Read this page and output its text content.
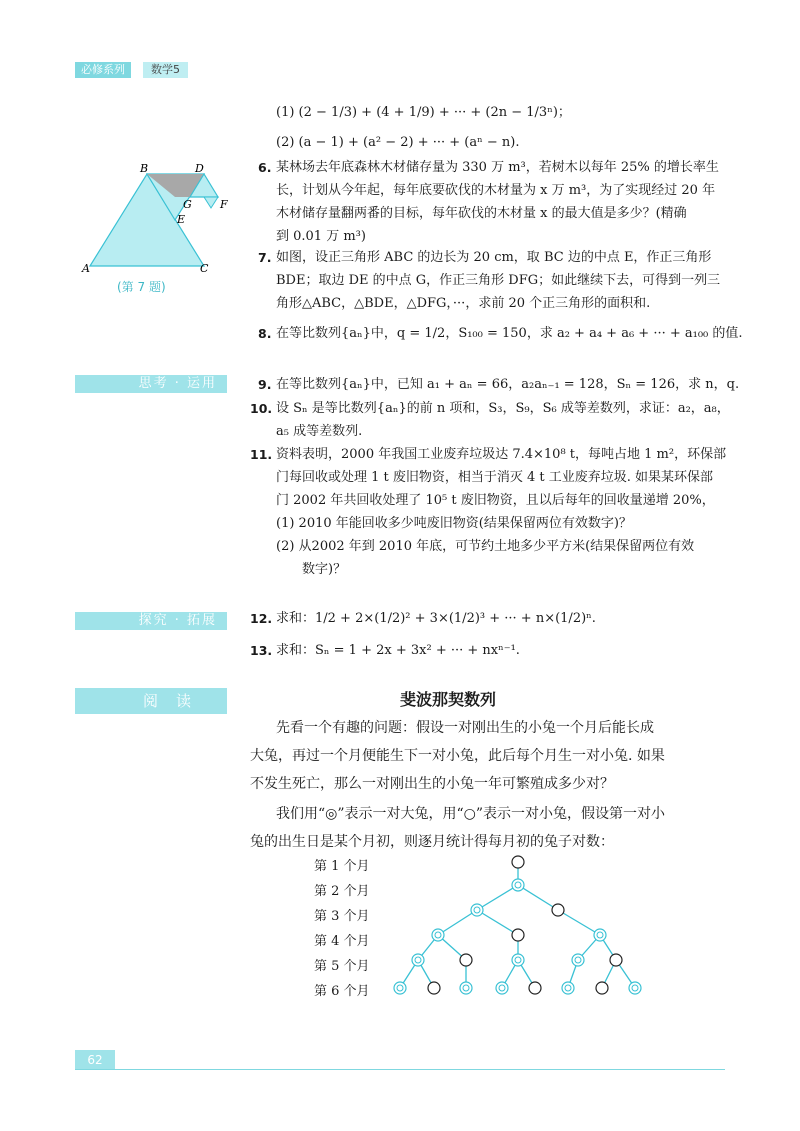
必修系列	数学5
(1) (2 − 1/3) + (4 + 1/9) + ··· + (2n − 1/3ⁿ)；
(2) (a − 1) + (a² − 2) + ··· + (aⁿ − n).
6. 某林场去年底森林木材储存量为 330 万 m³，若树木以每年 25% 的增长率生
长，计划从今年起，每年底要砍伐的木材量为 x 万 m³，为了实现经过 20 年
木材储存量翻两番的目标，每年砍伐的木材量 x 的最大值是多少？(精确
到 0.01 万 m³)
7. 如图，设正三角形 ABC 的边长为 20 cm，取 BC 边的中点 E，作正三角形
BDE；取边 DE 的中点 G，作正三角形 DFG；如此继续下去，可得到一列三
角形△ABC，△BDE，△DFG，···，求前 20 个正三角形的面积和.
8. 在等比数列{aₙ}中，q = 1/2，S₁₀₀ = 150，求 a₂ + a₄ + a₆ + ··· + a₁₀₀ 的值.
A
B
C
D
E
F
G
(第 7 题)
思考 · 运用	9. 在等比数列{aₙ}中，已知 a₁ + aₙ = 66，a₂aₙ₋₁ = 128，Sₙ = 126，求 n，q.
10. 设 Sₙ 是等比数列{aₙ}的前 n 项和，S₃，S₉，S₆ 成等差数列，求证：a₂，a₈，
a₅ 成等差数列.
11. 资料表明，2000 年我国工业废弃垃圾达 7.4×10⁸ t，每吨占地 1 m²，环保部
门每回收或处理 1 t 废旧物资，相当于消灭 4 t 工业废弃垃圾. 如果某环保部
门 2002 年共回收处理了 10⁵ t 废旧物资，且以后每年的回收量递增 20%，
(1) 2010 年能回收多少吨废旧物资(结果保留两位有效数字)？
(2) 从2002 年到 2010 年底，可节约土地多少平方米(结果保留两位有效
数字)？
探究 · 拓展	12. 求和：1/2 + 2×(1/2)² + 3×(1/2)³ + ··· + n×(1/2)ⁿ.
13. 求和：Sₙ = 1 + 2x + 3x² + ··· + nxⁿ⁻¹.
阅读	斐波那契数列
先看一个有趣的问题：假设一对刚出生的小兔一个月后能长成
大兔，再过一个月便能生下一对小兔，此后每个月生一对小兔. 如果
不发生死亡，那么一对刚出生的小兔一年可繁殖成多少对？
我们用“◎”表示一对大兔，用“○”表示一对小兔，假设第一对小
兔的出生日是某个月初，则逐月统计得每月初的兔子对数：
第 1 个月
第 2 个月
第 3 个月
第 4 个月
第 5 个月
第 6 个月
62
